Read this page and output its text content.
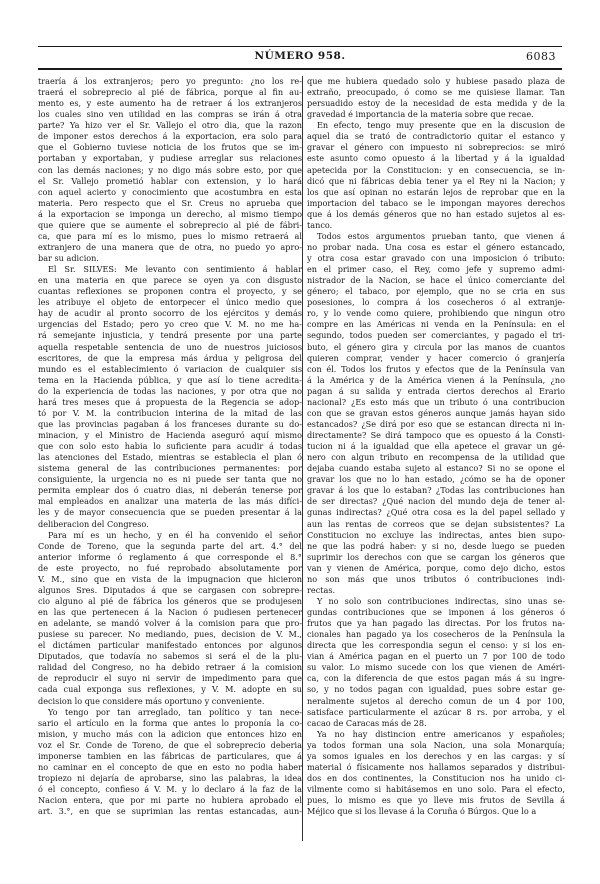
NÚMERO 958.	6083
traería á los extranjeros; pero yo pregunto: ¿no los re-
traerá el sobreprecio al pié de fábrica, porque al fin au-
mento es, y este aumento ha de retraer á los extranjeros
los cuales sino ven utilidad en las compras se irán á otra
parte? Ya hizo ver el Sr. Vallejo el otro dia, que la razon
de imponer estos derechos á la exportacion, era solo para
que el Gobierno tuviese noticia de los frutos que se im-
portaban y exportaban, y pudiese arreglar sus relaciones
con las demás naciones; y no digo más sobre esto, por que
el Sr. Vallejo prometió hablar con extension, y lo hará
con aquel acierto y conocimiento que acostumbra en esta
materia. Pero respecto que el Sr. Creus no aprueba que
á la exportacion se imponga un derecho, al mismo tiempo
que quiere que se aumente el sobreprecio al pié de fábri-
ca, que para mí es lo mismo, pues lo mismo retraerá al
extranjero de una manera que de otra, no puedo yo apro-
bar su adicion.
El Sr. SILVES: Me levanto con sentimiento á hablar
en una materia en que parece se oyen ya con disgusto
cuantas reflexiones se proponen contra el proyecto, y se
les atribuye el objeto de entorpecer el único medio que
hay de acudir al pronto socorro de los ejércitos y demás
urgencias del Estado; pero yo creo que V. M. no me ha-
rá semejante injusticia, y tendrá presente por una parte
aquella respetable sentencia de uno de nuestros juiciosos
escritores, de que la empresa más árdua y peligrosa del
mundo es el establecimiento ó variacion de cualquier sis
tema en la Hacienda pública, y que así lo tiene acredita-
do la experiencia de todas las naciones, y por otra que no
hará tres meses que á propuesta de la Regencia se adop-
tó por V. M. la contribucion interina de la mitad de las
que las provincias pagaban á los franceses durante su do-
minacion, y el Ministro de Hacienda aseguró aquí mismo
que con solo esto habia lo suficiente para acudir á todas
las atenciones del Estado, mientras se establecia el plan ó
sistema general de las contribuciones permanentes: por
consiguiente, la urgencia no es ni puede ser tanta que no
permita emplear dos ó cuatro dias, ni deberán tenerse por
mal empleados en analizar una materia de las más difíci-
les y de mayor consecuencia que se pueden presentar á la
deliberacion del Congreso.
Para mí es un hecho, y en él ha convenido el señor
Conde de Toreno, que la segunda parte del art. 4.° del
anterior informe ó reglamento á que corresponde el 8.°
de este proyecto, no fué reprobado absolutamente por
V. M., sino que en vista de la impugnacion que hicieron
algunos Sres. Diputados á que se cargasen con sobrepre-
cio alguno al pié de fábrica los géneros que se produjesen
en las que pertenecen á la Nacion ó pudiesen pertenecer
en adelante, se mandó volver á la comision para que pro-
pusiese su parecer. No mediando, pues, decision de V. M.,
el dictámen particular manifestado entonces por algunos
Diputados, que todavía no sabemos si será el de la plu-
ralidad del Congreso, no ha debido retraer á la comision
de reproducir el suyo ni servir de impedimento para que
cada cual exponga sus reflexiones, y V. M. adopte en su
decision lo que considere más oportuno y conveniente.
Yo tengo por tan arreglado, tan político y tan nece-
sario el artículo en la forma que antes lo proponía la co-
mision, y mucho más con la adicion que entonces hizo en
voz el Sr. Conde de Toreno, de que el sobreprecio deberia
imponerse tambien en las fábricas de particulares, que á
no caminar en el concepto de que en esto no podia haber
tropiezo ni dejaría de aprobarse, sino las palabras, la idea
ó el concepto, confieso á V. M. y lo declaro á la faz de la
Nacion entera, que por mi parte no hubiera aprobado el
art. 3.°, en que se suprimian las rentas estancadas, aun-
que me hubiera quedado solo y hubiese pasado plaza de
extraño, preocupado, ó como se me quisiese llamar. Tan
persuadido estoy de la necesidad de esta medida y de la
gravedad é importancia de la materia sobre que recae.
En efecto, tengo muy presente que en la discusion de
aquel dia se trató de contradictorio quitar el estanco y
gravar el género con impuesto ni sobreprecios: se miró
este asunto como opuesto á la libertad y á la igualdad
apetecida por la Constitucion: y en consecuencia, se in-
dicó que ni fábricas debia tener ya el Rey ni la Nacion; y
los que así opinan no estarán lejos de reprobar que en la
importacion del tabaco se le impongan mayores derechos
que á los demás géneros que no han estado sujetos al es-
tanco.
Todos estos argumentos prueban tanto, que vienen á
no probar nada. Una cosa es estar el género estancado,
y otra cosa estar gravado con una imposicion ó tributo:
en el primer caso, el Rey, como jefe y supremo admi-
nistrador de la Nacion, se hace el único comerciante del
género; el tabaco, por ejemplo, que no se cria en sus
posesiones, lo compra á los cosecheros ó al extranje-
ro, y lo vende como quiere, prohibiendo que ningun otro
compre en las Américas ni venda en la Península: en el
segundo, todos pueden ser comerciantes, y pagado el tri-
buto, el género gira y circula por las manos de cuantos
quieren comprar, vender y hacer comercio ó granjería
con él. Todos los frutos y efectos que de la Península van
á la América y de la América vienen á la Península, ¿no
pagan á su salida y entrada ciertos derechos al Erario
nacional? ¿Es esto más que un tributo ó una contribucion
con que se gravan estos géneros aunque jamás hayan sido
estancados? ¿Se dirá por eso que se estancan directa ni in-
directamente? Se dirá tampoco que es opuesto á la Consti-
tucion ni á la igualdad que ella apetece el gravar un gé-
nero con algun tributo en recompensa de la utilidad que
dejaba cuando estaba sujeto al estanco? Si no se opone el
gravar los que no lo han estado, ¿cómo se ha de oponer
gravar á los que lo estaban? ¿Todas las contribuciones han
de ser directas? ¿Qué nacion del mundo deja de tener al-
gunas indirectas? ¿Qué otra cosa es la del papel sellado y
aun las rentas de correos que se dejan subsistentes? La
Constitucion no excluye las indirectas, antes bien supo-
ne que las podrá haber: y si no, desde luego se pueden
suprimir los derechos con que se cargan los géneros que
van y vienen de América, porque, como dejo dicho, estos
no son más que unos tributos ó contribuciones indi-
rectas.
Y no solo son contribuciones indirectas, sino unas se-
gundas contribuciones que se imponen á los géneros ó
frutos que ya han pagado las directas. Por los frutos na-
cionales han pagado ya los cosecheros de la Península la
directa que les correspondia segun el censo: y si los en-
vian á América pagan en el puerto un 7 por 100 de todo
su valor. Lo mismo sucede con los que vienen de Améri-
ca, con la diferencia de que estos pagan más á su ingre-
so, y no todos pagan con igualdad, pues sobre estar ge-
neralmente sujetos al derecho comun de un 4 por 100,
satisface particularmente el azúcar 8 rs. por arroba, y el
cacao de Caracas más de 28.
Ya no hay distincion entre americanos y españoles;
ya todos forman una sola Nacion, una sola Monarquía;
ya somos iguales en los derechos y en las cargas: y sí
material ó físicamente nos hallamos separados y distribui-
dos en dos continentes, la Constitucion nos ha unido ci-
vilmente como si habitásemos en uno solo. Para el efecto,
pues, lo mismo es que yo lleve mis frutos de Sevilla á
Méjico que si los llevase á la Coruña ó Búrgos. Que lo a
